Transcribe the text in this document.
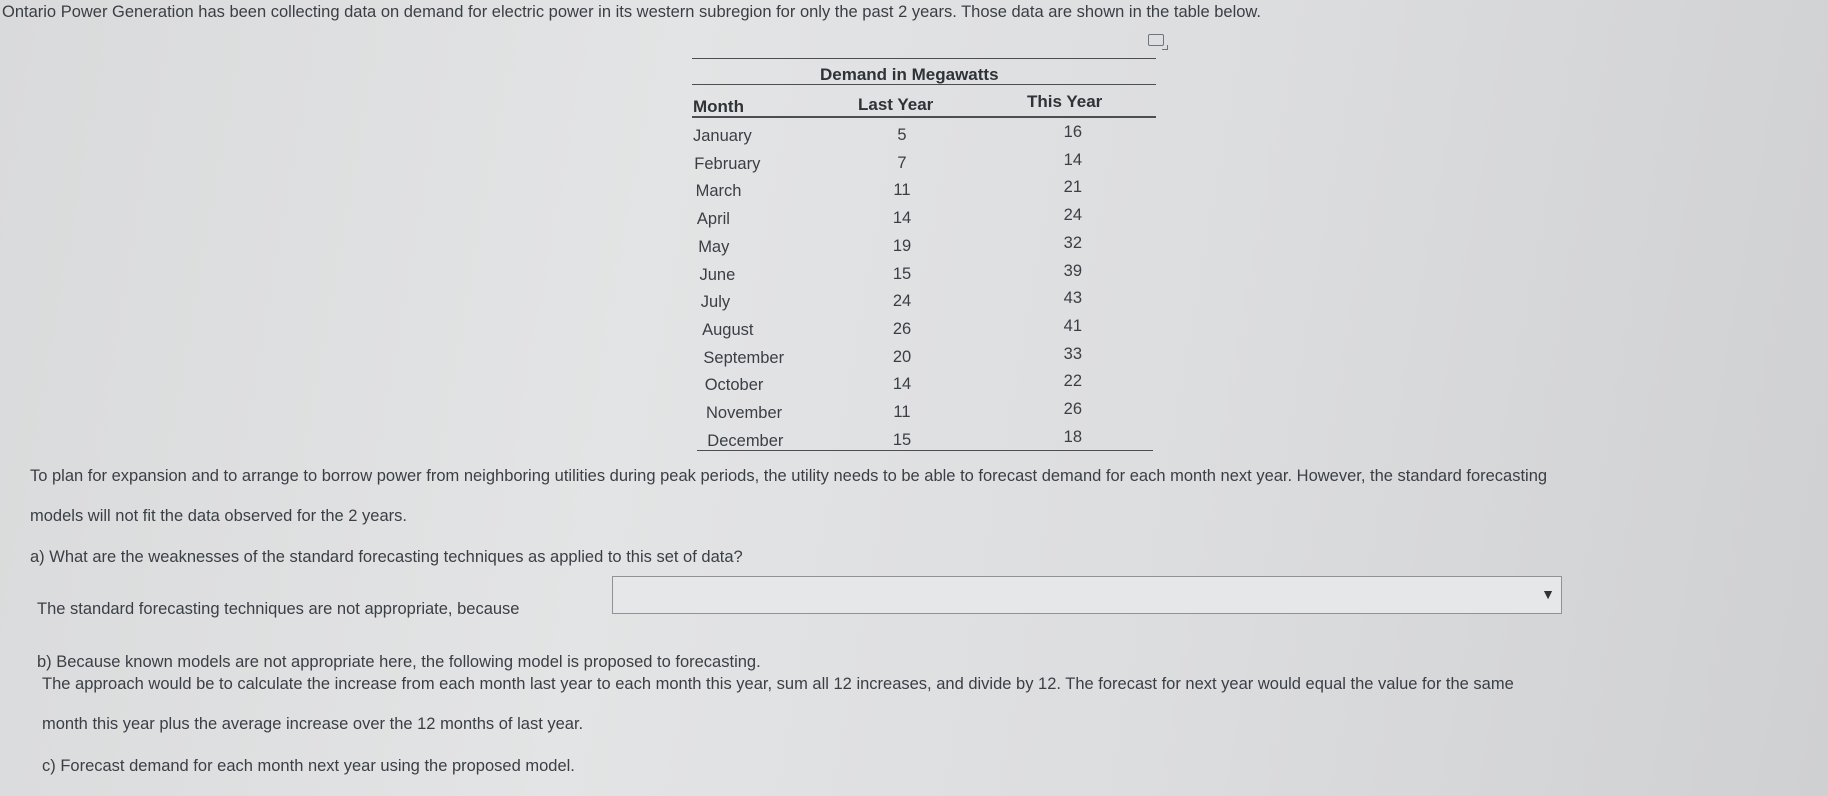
Ontario Power Generation has been collecting data on demand for electric power in its western subregion for only the past 2 years. Those data are shown in the table below.
Demand in Megawatts
Month	Last Year	This Year
January	5	16
February	7	14
March	11	21
April	14	24
May	19	32
June	15	39
July	24	43
August	26	41
September	20	33
October	14	22
November	11	26
December	15	18
To plan for expansion and to arrange to borrow power from neighboring utilities during peak periods, the utility needs to be able to forecast demand for each month next year. However, the standard forecasting
models will not fit the data observed for the 2 years.
a) What are the weaknesses of the standard forecasting techniques as applied to this set of data?
The standard forecasting techniques are not appropriate, because
▼
b) Because known models are not appropriate here, the following model is proposed to forecasting.
The approach would be to calculate the increase from each month last year to each month this year, sum all 12 increases, and divide by 12. The forecast for next year would equal the value for the same
month this year plus the average increase over the 12 months of last year.
c) Forecast demand for each month next year using the proposed model.
